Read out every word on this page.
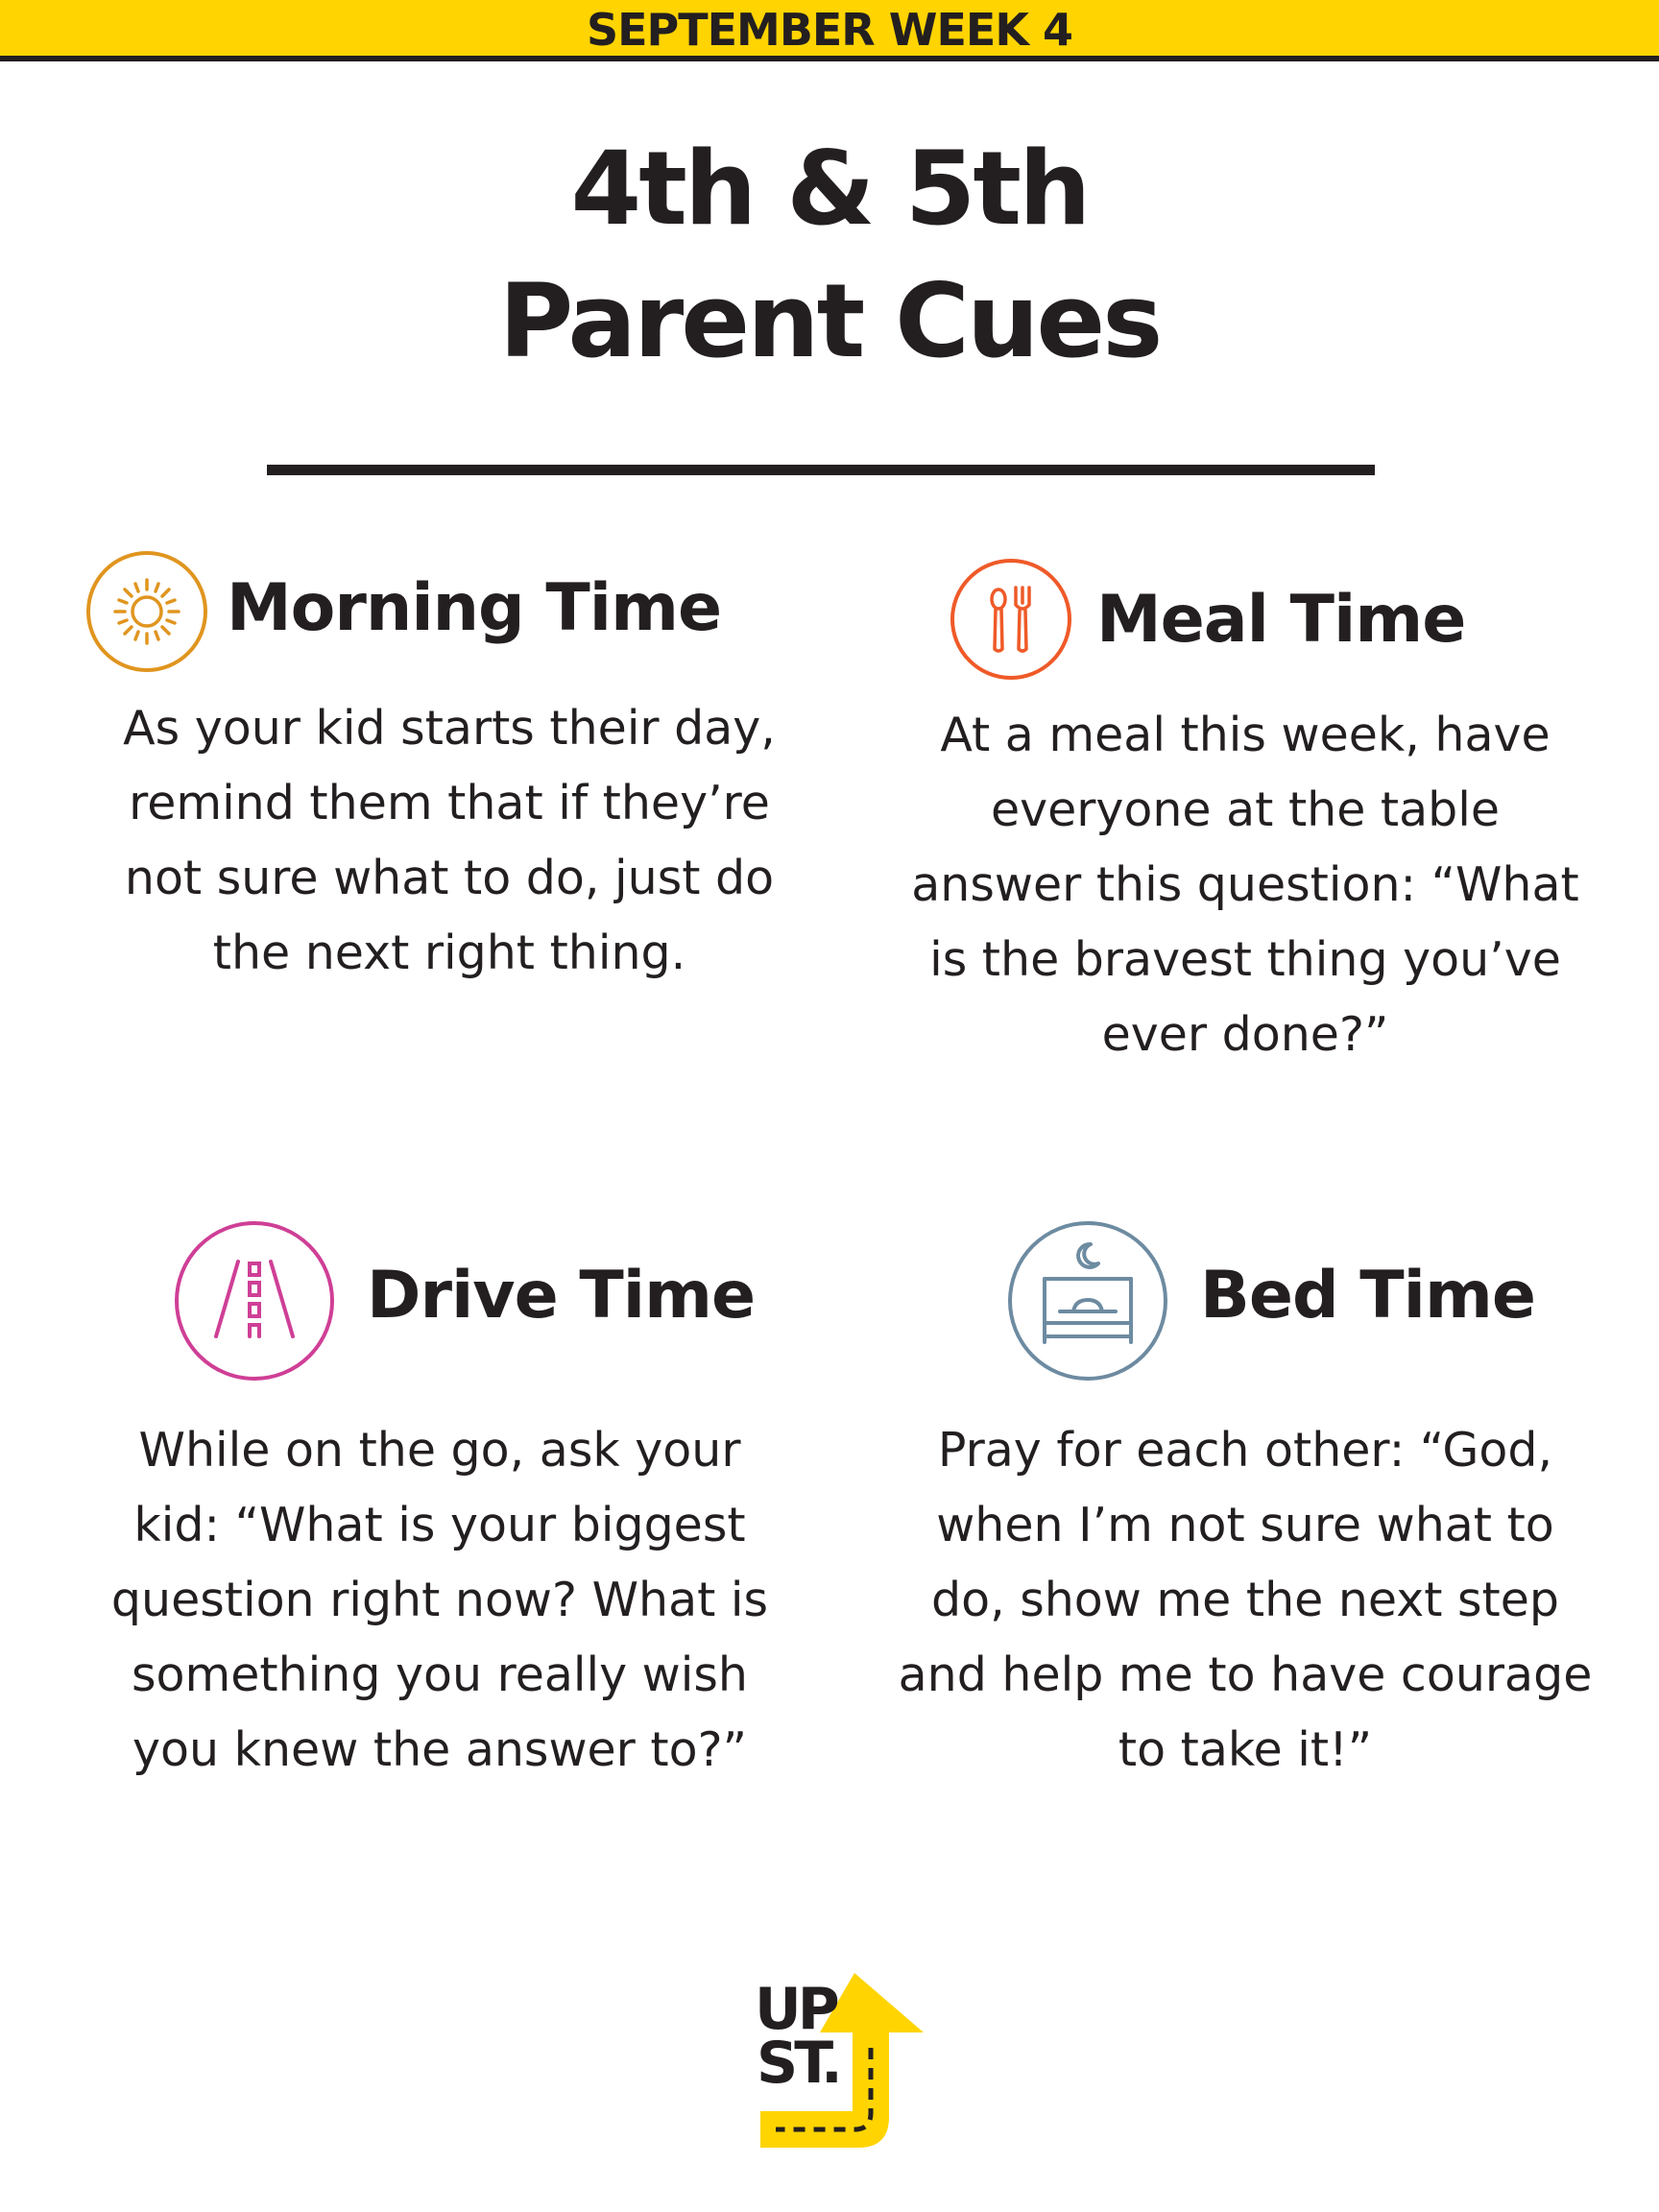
SEPTEMBER WEEK 4
4th & 5th
Parent Cues
Morning Time
As your kid starts their day,
remind them that if they’re
not sure what to do, just do
the next right thing.
Meal Time
At a meal this week, have
everyone at the table
answer this question: “What
is the bravest thing you’ve
ever done?”
Drive Time
While on the go, ask your
kid: “What is your biggest
question right now? What is
something you really wish
you knew the answer to?”
Bed Time
Pray for each other: “God,
when I’m not sure what to
do, show me the next step
and help me to have courage
to take it!”
UP
ST.
